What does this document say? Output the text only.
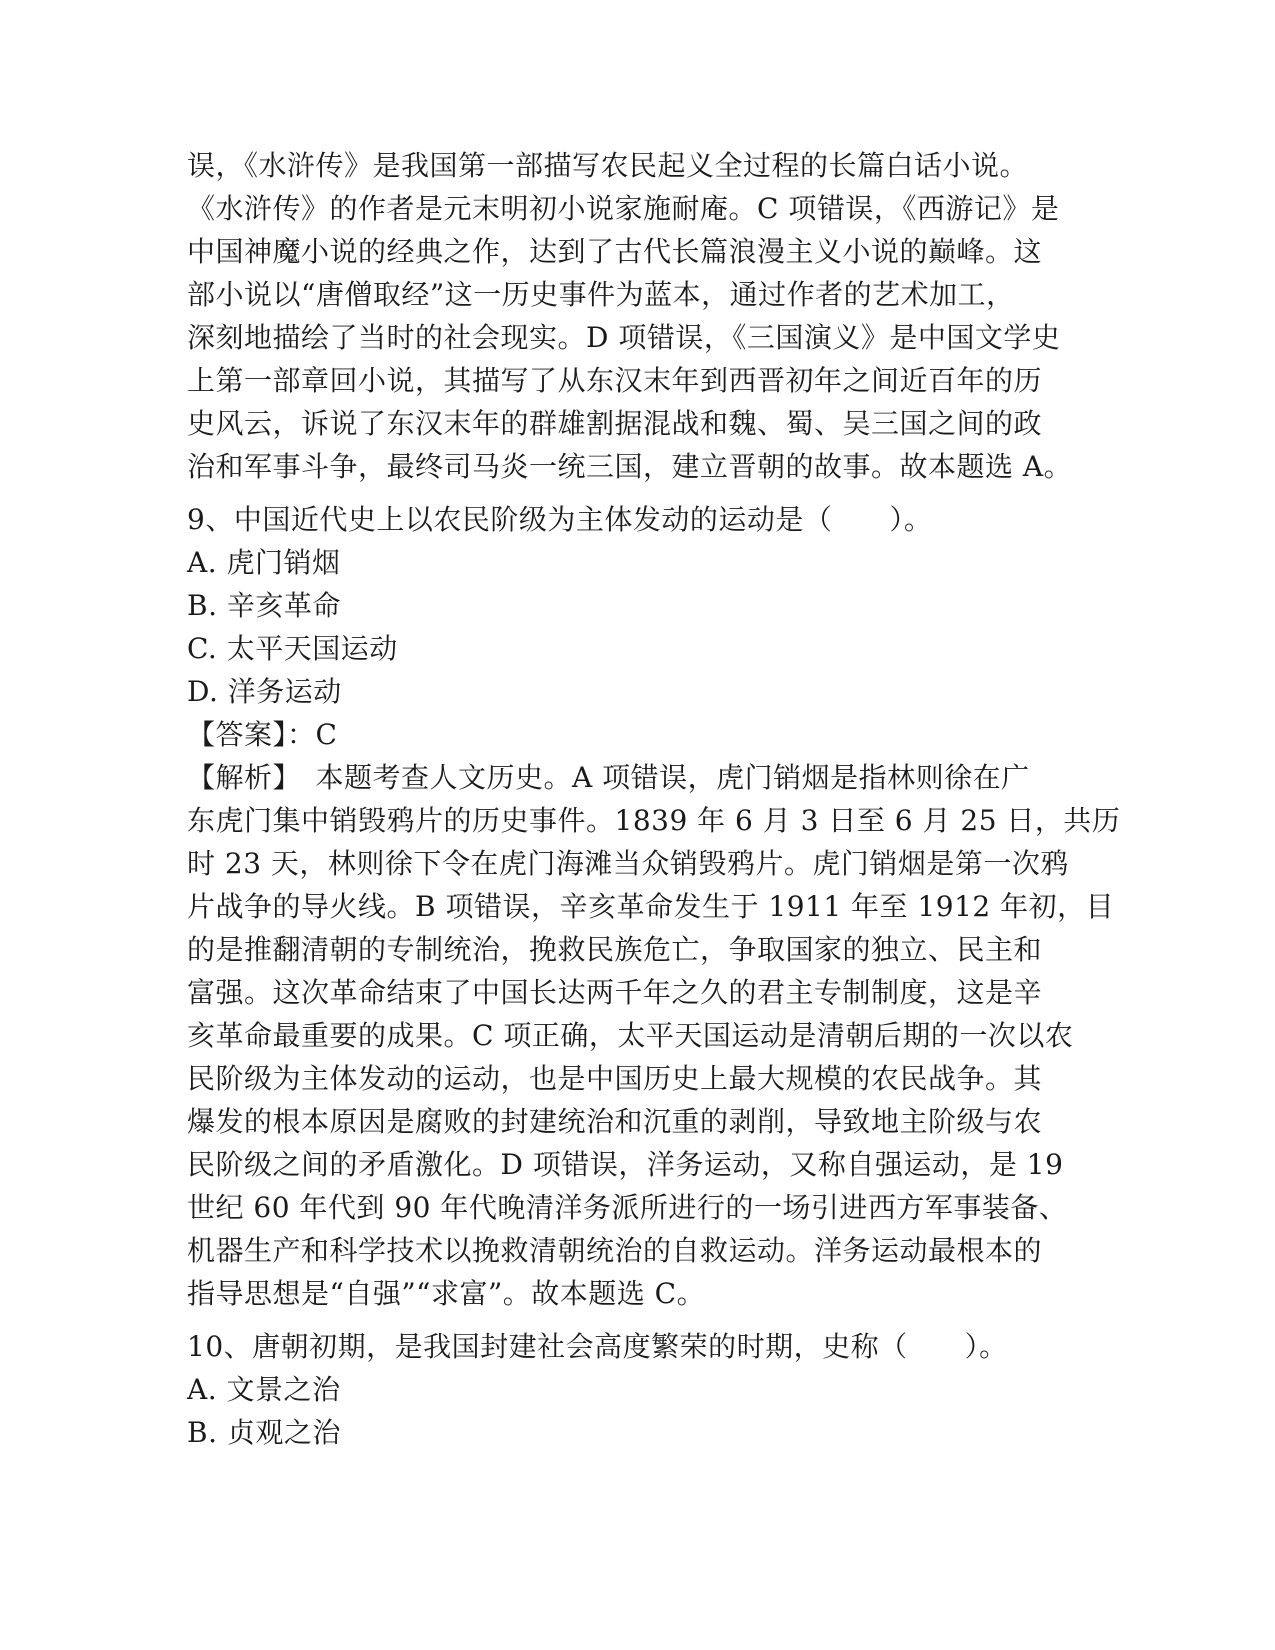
误，《水浒传》是我国第一部描写农民起义全过程的长篇白话小说。
《水浒传》的作者是元末明初小说家施耐庵。C 项错误，《西游记》是
中国神魔小说的经典之作，达到了古代长篇浪漫主义小说的巅峰。这
部小说以“唐僧取经”这一历史事件为蓝本，通过作者的艺术加工，
深刻地描绘了当时的社会现实。D 项错误，《三国演义》是中国文学史
上第一部章回小说，其描写了从东汉末年到西晋初年之间近百年的历
史风云，诉说了东汉末年的群雄割据混战和魏、蜀、吴三国之间的政
治和军事斗争，最终司马炎一统三国，建立晋朝的故事。故本题选 A。
9、中国近代史上以农民阶级为主体发动的运动是（　　）。
A. 虎门销烟
B. 辛亥革命
C. 太平天国运动
D. 洋务运动
【答案】：C
【解析】　本题考查人文历史。A 项错误，虎门销烟是指林则徐在广
东虎门集中销毁鸦片的历史事件。1839 年 6 月 3 日至 6 月 25 日，共历
时 23 天，林则徐下令在虎门海滩当众销毁鸦片。虎门销烟是第一次鸦
片战争的导火线。B 项错误，辛亥革命发生于 1911 年至 1912 年初，目
的是推翻清朝的专制统治，挽救民族危亡，争取国家的独立、民主和
富强。这次革命结束了中国长达两千年之久的君主专制制度，这是辛
亥革命最重要的成果。C 项正确，太平天国运动是清朝后期的一次以农
民阶级为主体发动的运动，也是中国历史上最大规模的农民战争。其
爆发的根本原因是腐败的封建统治和沉重的剥削，导致地主阶级与农
民阶级之间的矛盾激化。D 项错误，洋务运动，又称自强运动，是 19
世纪 60 年代到 90 年代晚清洋务派所进行的一场引进西方军事装备、
机器生产和科学技术以挽救清朝统治的自救运动。洋务运动最根本的
指导思想是“自强”“求富”。故本题选 C。
10、唐朝初期，是我国封建社会高度繁荣的时期，史称（　　）。
A. 文景之治
B. 贞观之治
